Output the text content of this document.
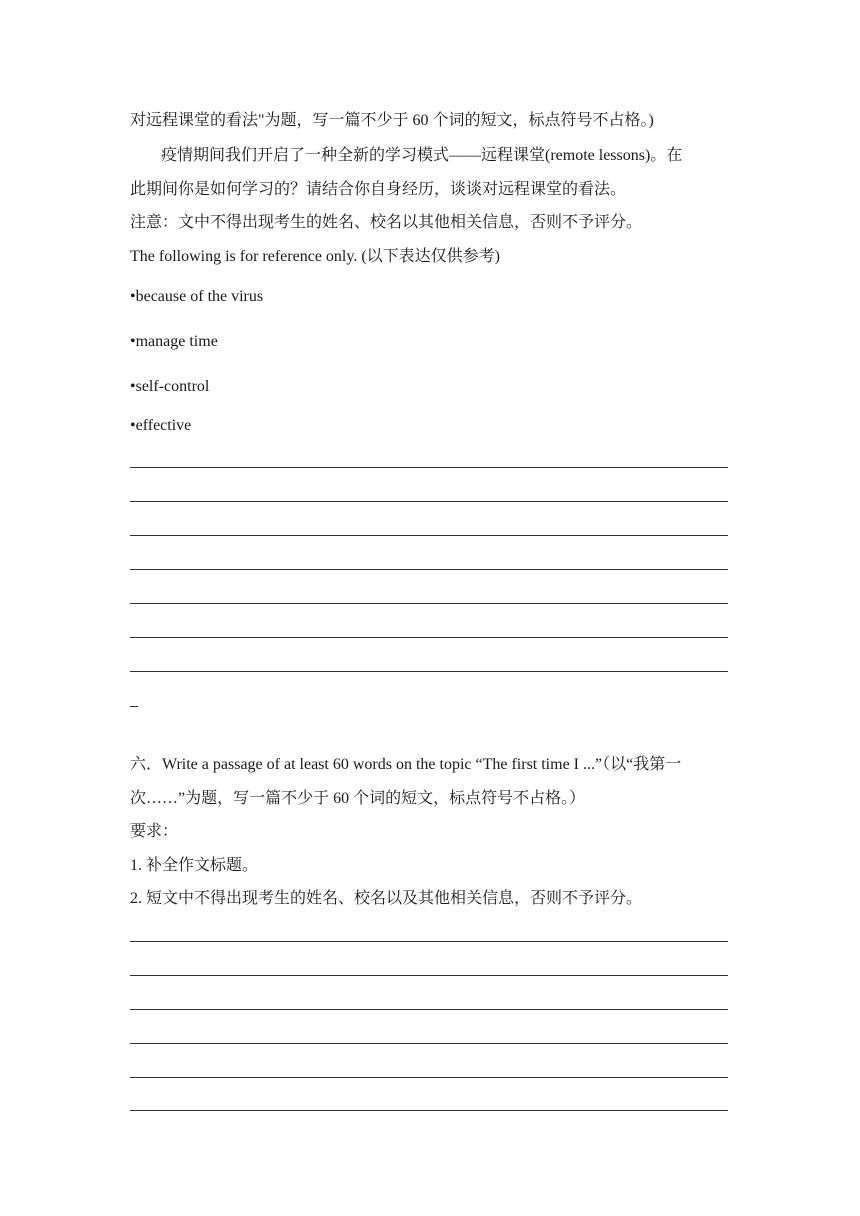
对远程课堂的看法"为题，写一篇不少于 60 个词的短文，标点符号不占格。)
疫情期间我们开启了一种全新的学习模式——远程课堂(remote lessons)。在
此期间你是如何学习的？请结合你自身经历，谈谈对远程课堂的看法。
注意：文中不得出现考生的姓名、校名以其他相关信息，否则不予评分。
The following is for reference only. (以下表达仅供参考)
•because of the virus
•manage time
•self-control
•effective
六．Write a passage of at least 60 words on the topic “The first time I ...”（以“我第一
次……”为题，写一篇不少于 60 个词的短文，标点符号不占格。）
要求：
1. 补全作文标题。
2. 短文中不得出现考生的姓名、校名以及其他相关信息，否则不予评分。
